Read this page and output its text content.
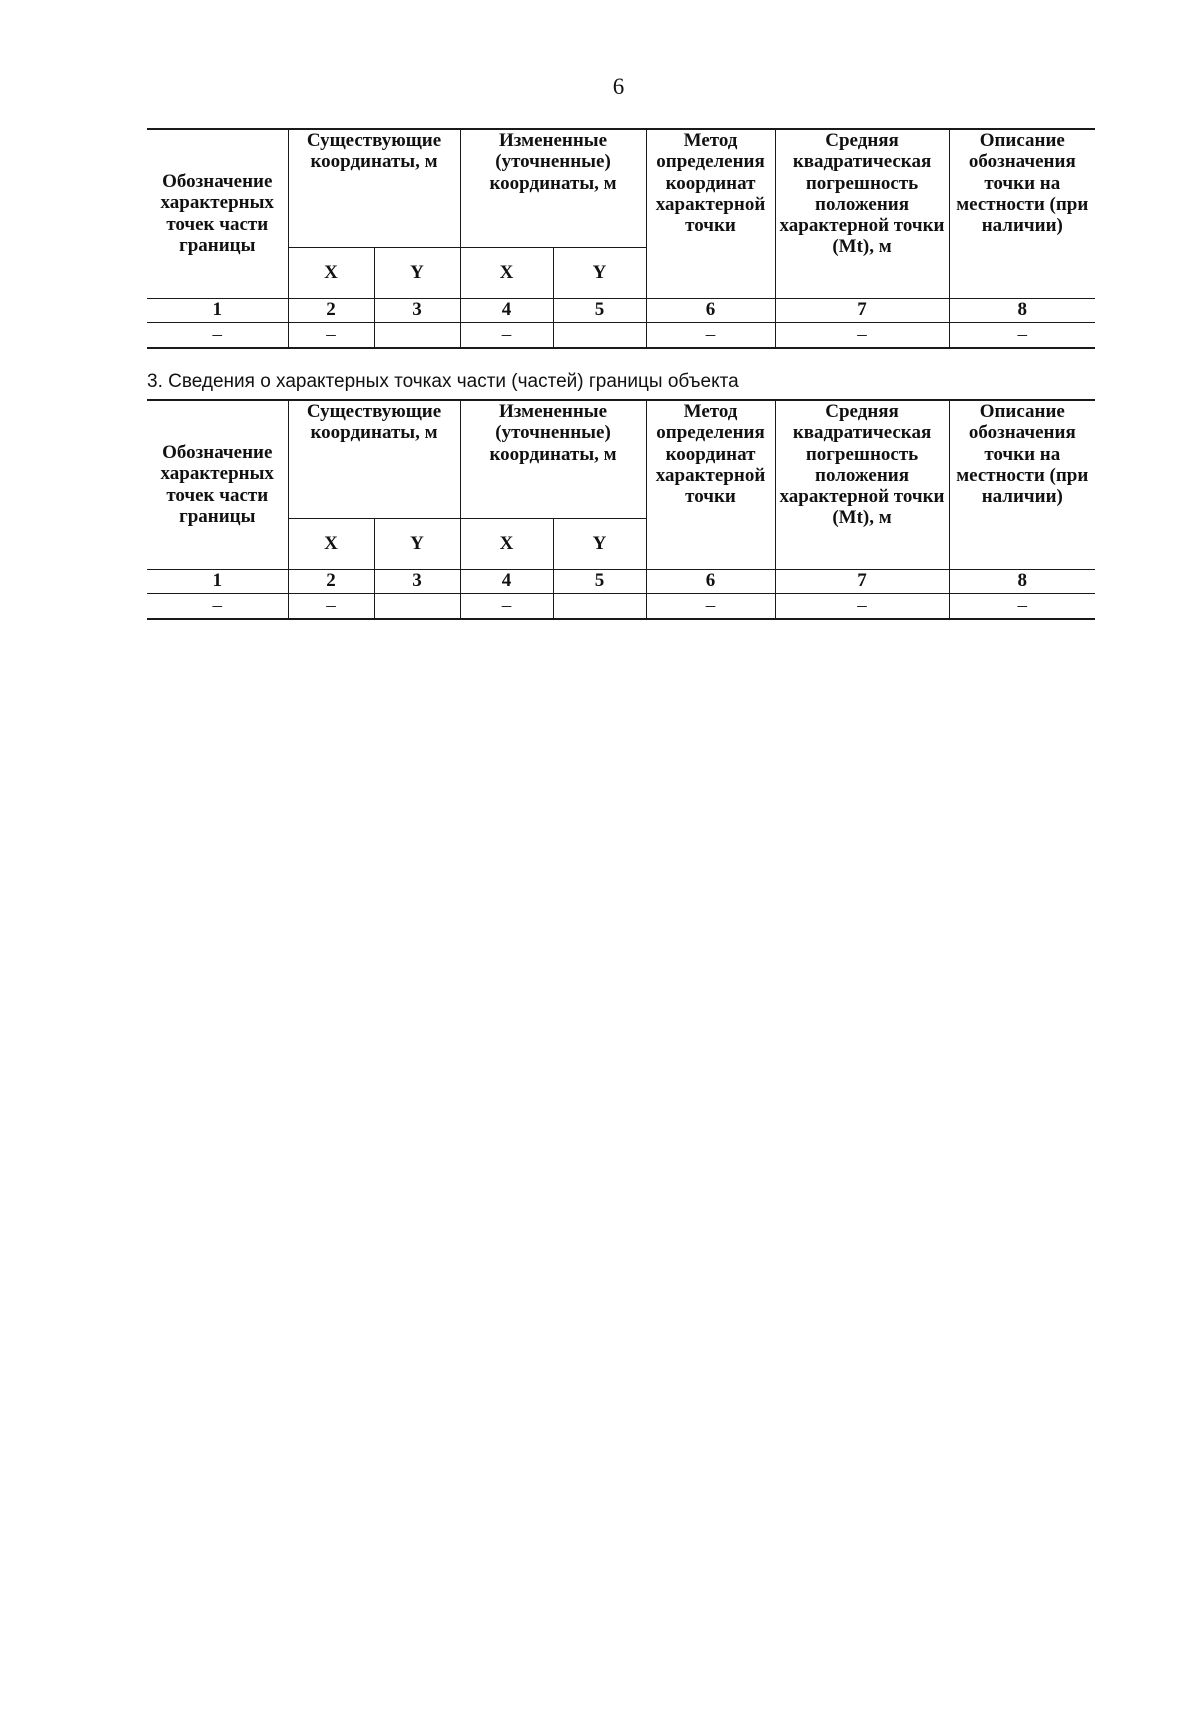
6
Обозначение характерных точек части границы	Существующие координаты, м		Измененные (уточненные) координаты, м		Метод определения координат характерной точки	Средняя квадратическая погрешность положения характерной точки (Mt), м	Описание обозначения точки на местности (при наличии)
	X	Y	X	Y			
1	2	3	4	5	6	7	8
–	–		–		–	–	–
3. Сведения о характерных точках части (частей) границы объекта
Обозначение характерных точек части границы	Существующие координаты, м		Измененные (уточненные) координаты, м		Метод определения координат характерной точки	Средняя квадратическая погрешность положения характерной точки (Mt), м	Описание обозначения точки на местности (при наличии)
	X	Y	X	Y			
1	2	3	4	5	6	7	8
–	–		–		–	–	–
